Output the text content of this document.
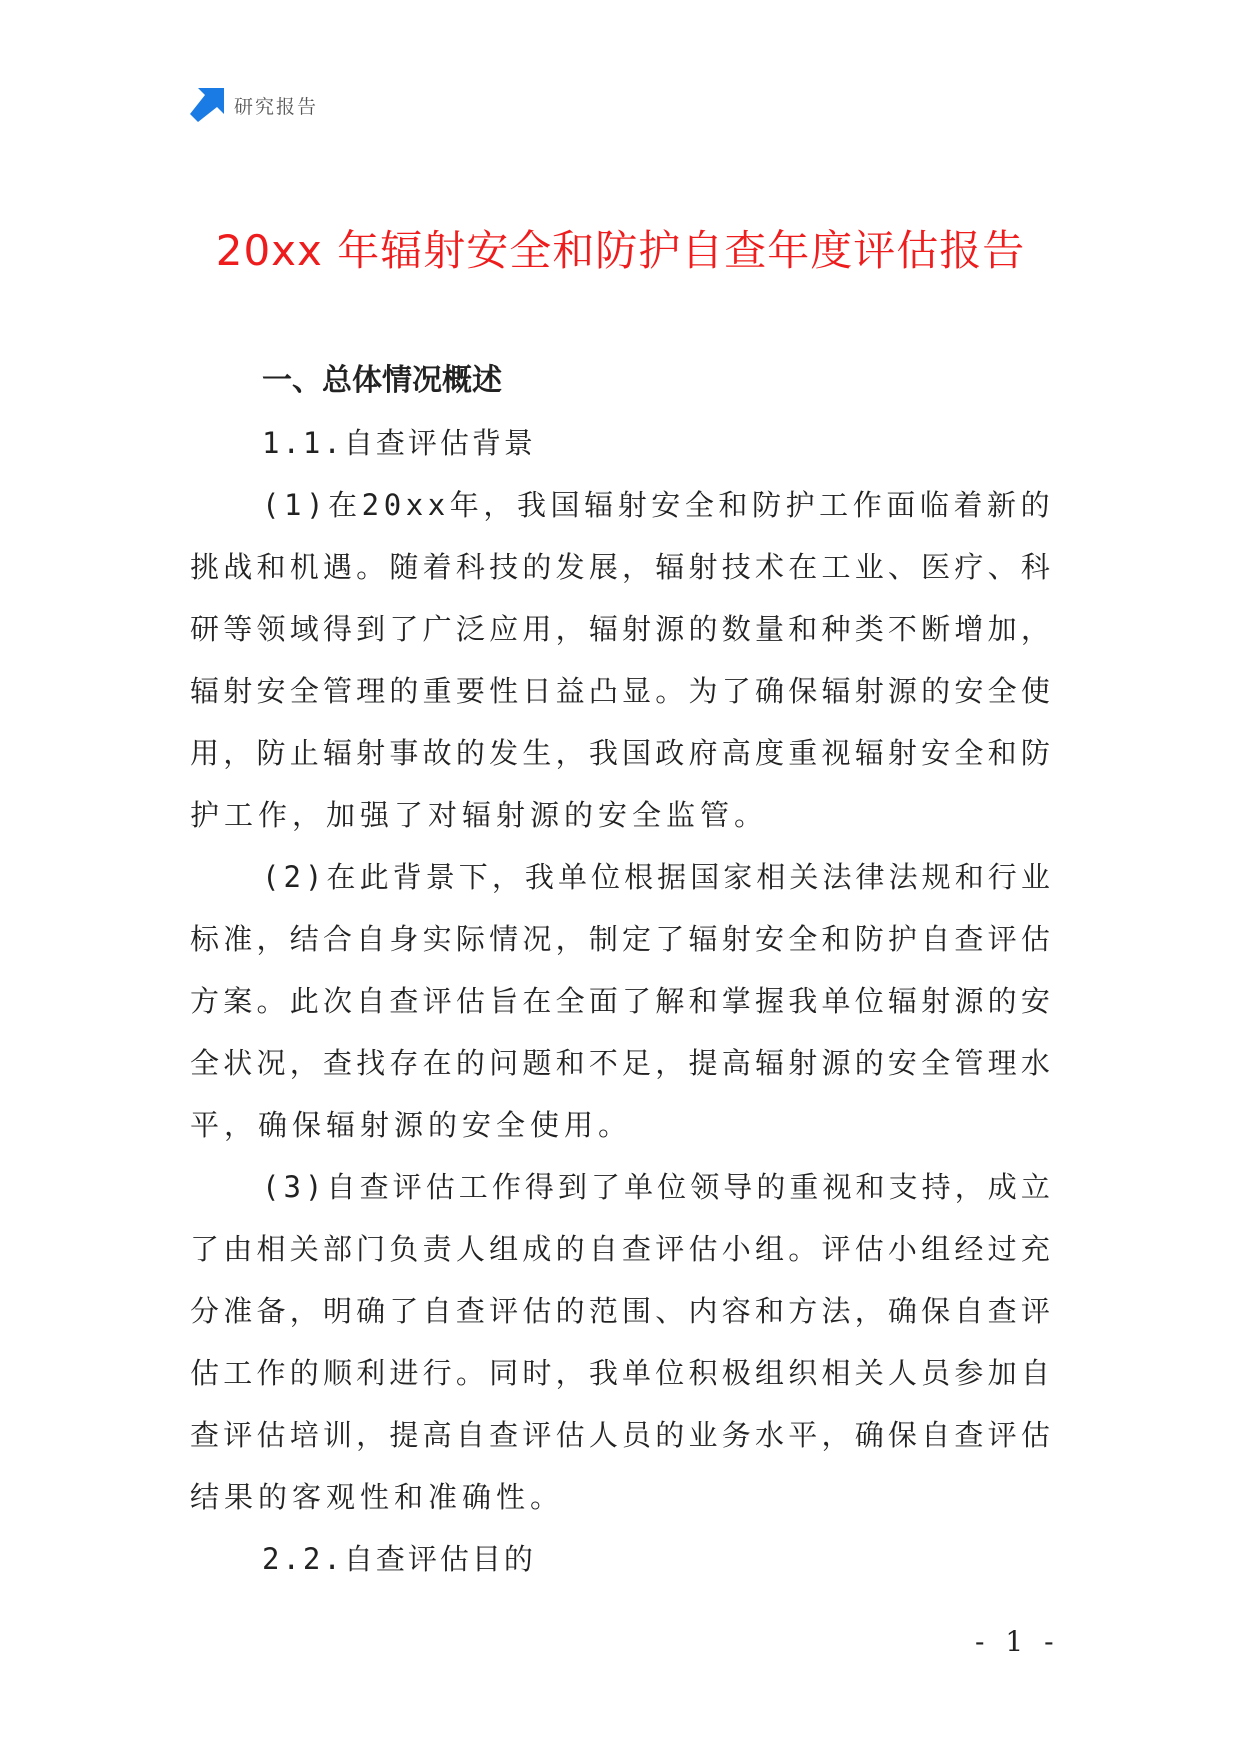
研究报告
20xx 年辐射安全和防护自查年度评估报告
一、总体情况概述
1.1.自查评估背景
( 1 ) 在 2 0 x x 年 ， 我 国 辐 射 安 全 和 防 护 工 作 面 临 着 新 的
挑 战 和 机 遇 。 随 着 科 技 的 发 展 ， 辐 射 技 术 在 工 业 、 医 疗 、 科
研 等 领 域 得 到 了 广 泛 应 用 ， 辐 射 源 的 数 量 和 种 类 不 断 增 加 ，
辐 射 安 全 管 理 的 重 要 性 日 益 凸 显 。 为 了 确 保 辐 射 源 的 安 全 使
用 ， 防 止 辐 射 事 故 的 发 生 ， 我 国 政 府 高 度 重 视 辐 射 安 全 和 防
护工作，加强了对辐射源的安全监管。
( 2 ) 在 此 背 景 下 ， 我 单 位 根 据 国 家 相 关 法 律 法 规 和 行 业
标 准 ， 结 合 自 身 实 际 情 况 ， 制 定 了 辐 射 安 全 和 防 护 自 查 评 估
方 案 。 此 次 自 查 评 估 旨 在 全 面 了 解 和 掌 握 我 单 位 辐 射 源 的 安
全 状 况 ， 查 找 存 在 的 问 题 和 不 足 ， 提 高 辐 射 源 的 安 全 管 理 水
平，确保辐射源的安全使用。
( 3 ) 自 查 评 估 工 作 得 到 了 单 位 领 导 的 重 视 和 支 持 ， 成 立
了 由 相 关 部 门 负 责 人 组 成 的 自 查 评 估 小 组 。 评 估 小 组 经 过 充
分 准 备 ， 明 确 了 自 查 评 估 的 范 围 、 内 容 和 方 法 ， 确 保 自 查 评
估 工 作 的 顺 利 进 行 。 同 时 ， 我 单 位 积 极 组 织 相 关 人 员 参 加 自
查 评 估 培 训 ， 提 高 自 查 评 估 人 员 的 业 务 水 平 ， 确 保 自 查 评 估
结果的客观性和准确性。
2.2.自查评估目的
- 1 -
